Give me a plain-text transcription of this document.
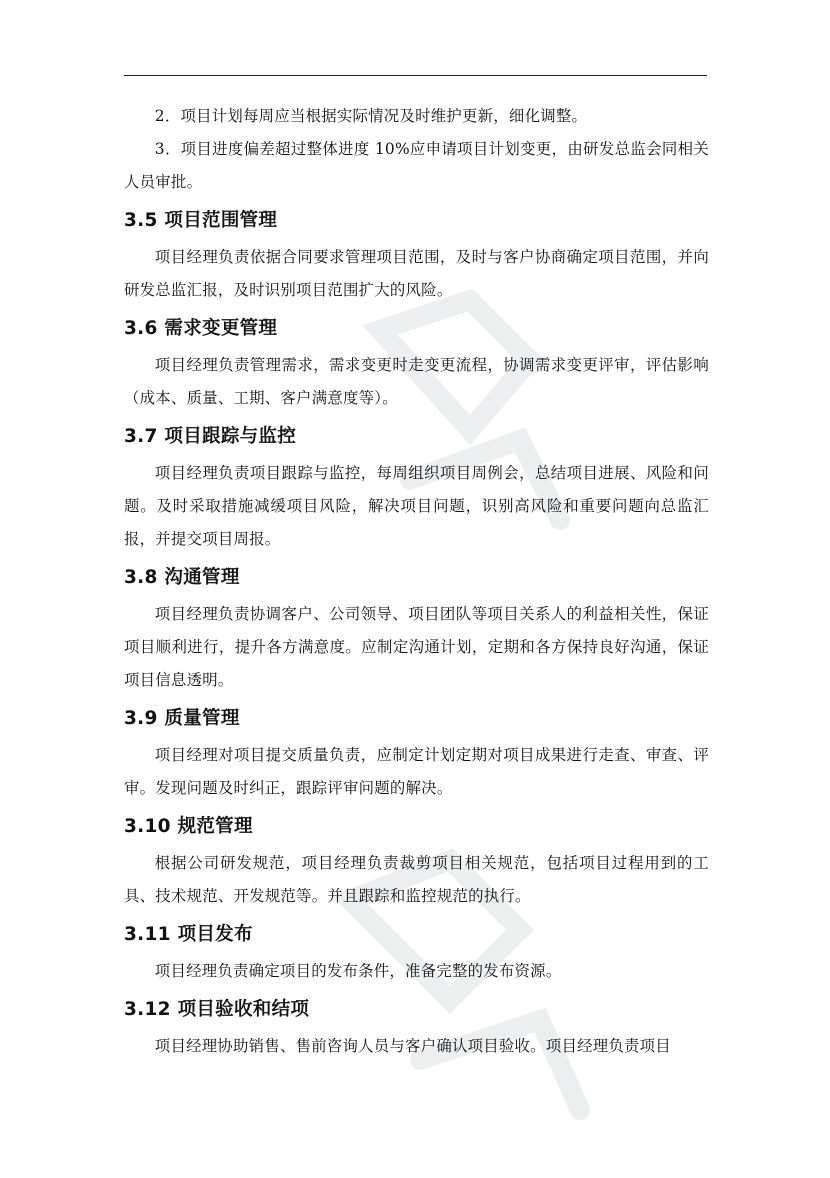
2．项目计划每周应当根据实际情况及时维护更新，细化调整。

3．项目进度偏差超过整体进度 10%应申请项目计划变更，由研发总监会同相关人员审批。

3.5 项目范围管理

项目经理负责依据合同要求管理项目范围，及时与客户协商确定项目范围，并向研发总监汇报，及时识别项目范围扩大的风险。

3.6 需求变更管理

项目经理负责管理需求，需求变更时走变更流程，协调需求变更评审，评估影响（成本、质量、工期、客户满意度等）。

3.7 项目跟踪与监控

项目经理负责项目跟踪与监控，每周组织项目周例会，总结项目进展、风险和问题。及时采取措施减缓项目风险，解决项目问题，识别高风险和重要问题向总监汇报，并提交项目周报。

3.8 沟通管理

项目经理负责协调客户、公司领导、项目团队等项目关系人的利益相关性，保证项目顺利进行，提升各方满意度。应制定沟通计划，定期和各方保持良好沟通，保证项目信息透明。

3.9 质量管理

项目经理对项目提交质量负责，应制定计划定期对项目成果进行走查、审查、评审。发现问题及时纠正，跟踪评审问题的解决。

3.10 规范管理

根据公司研发规范，项目经理负责裁剪项目相关规范，包括项目过程用到的工具、技术规范、开发规范等。并且跟踪和监控规范的执行。

3.11 项目发布

项目经理负责确定项目的发布条件，准备完整的发布资源。

3.12 项目验收和结项

项目经理协助销售、售前咨询人员与客户确认项目验收。项目经理负责项目
